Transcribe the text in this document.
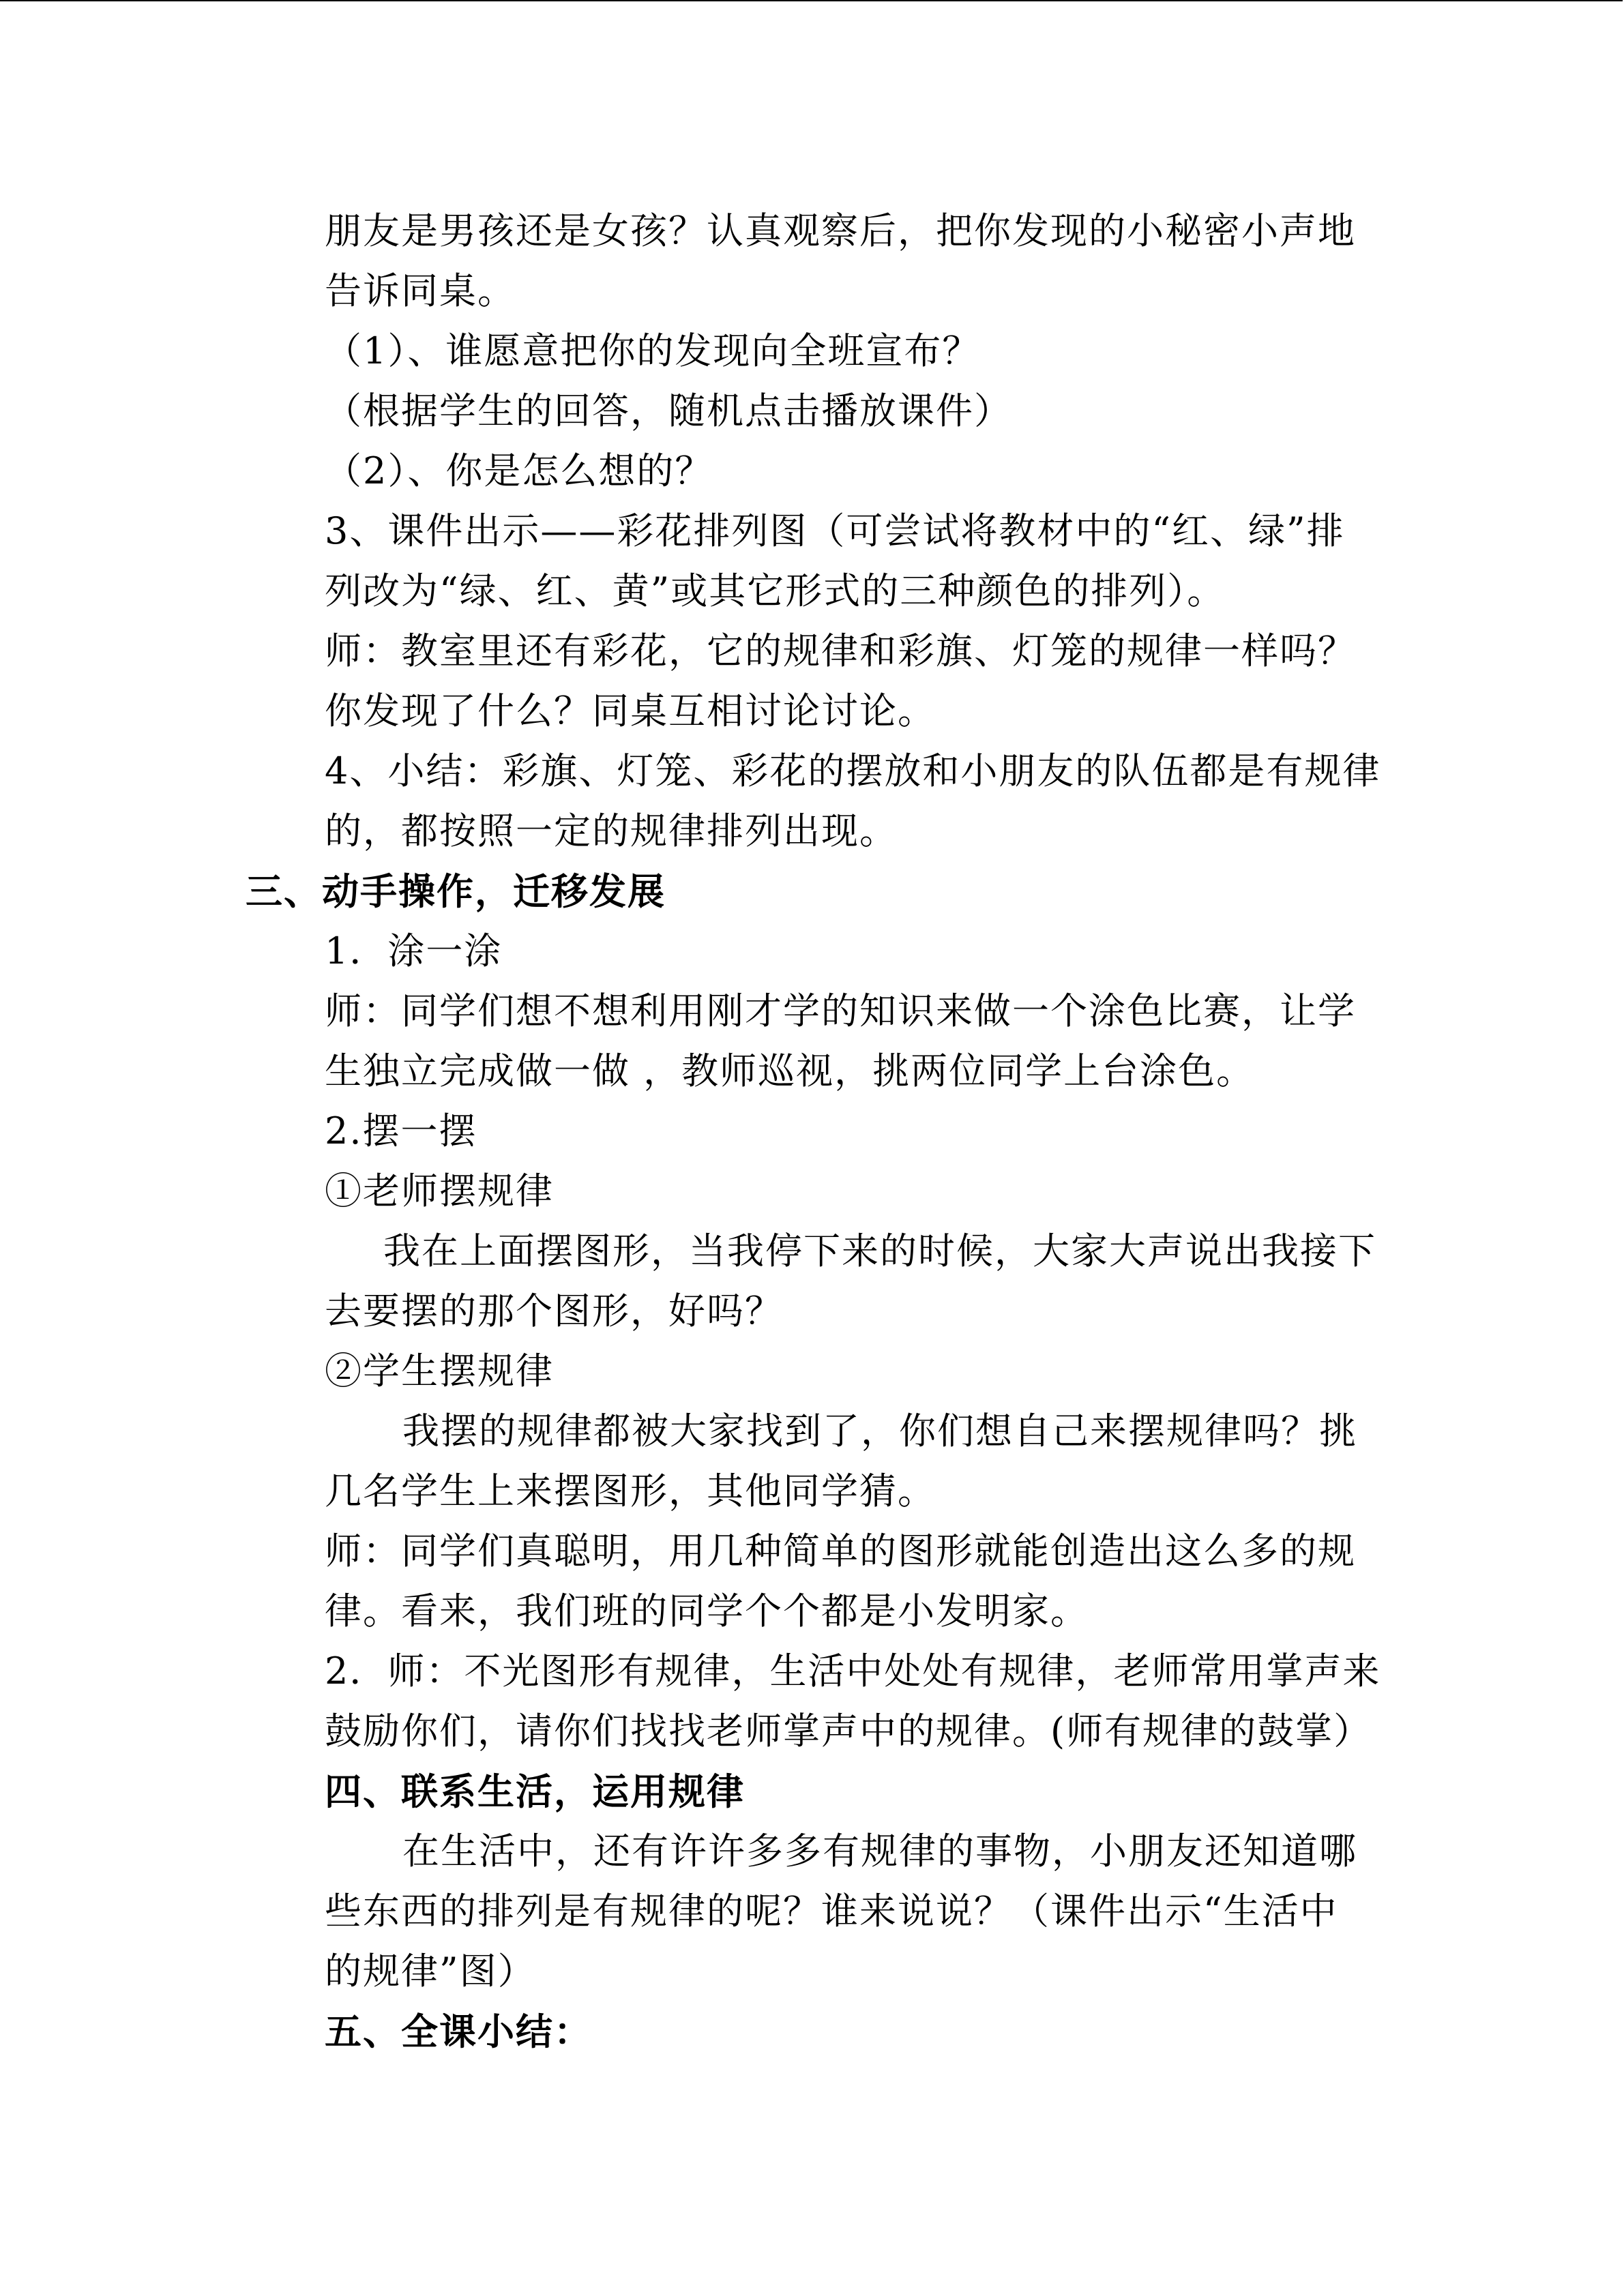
朋友是男孩还是女孩？认真观察后，把你发现的小秘密小声地
告诉同桌。
（1）、谁愿意把你的发现向全班宣布？
（根据学生的回答，随机点击播放课件）
（2）、你是怎么想的？
3、课件出示——彩花排列图（可尝试将教材中的“红、绿”排
列改为“绿、红、黄”或其它形式的三种颜色的排列）。
师：教室里还有彩花，它的规律和彩旗、灯笼的规律一样吗？
你发现了什么？同桌互相讨论讨论。
4、小结：彩旗、灯笼、彩花的摆放和小朋友的队伍都是有规律
的，都按照一定的规律排列出现。
三、动手操作，迁移发展
1．涂一涂
师：同学们想不想利用刚才学的知识来做一个涂色比赛，让学
生独立完成做一做 ，教师巡视，挑两位同学上台涂色。
2.摆一摆
①老师摆规律
我在上面摆图形，当我停下来的时候，大家大声说出我接下
去要摆的那个图形，好吗？
②学生摆规律
我摆的规律都被大家找到了，你们想自己来摆规律吗？挑
几名学生上来摆图形，其他同学猜。
师：同学们真聪明，用几种简单的图形就能创造出这么多的规
律。看来，我们班的同学个个都是小发明家。
2．师：不光图形有规律，生活中处处有规律，老师常用掌声来
鼓励你们，请你们找找老师掌声中的规律。(师有规律的鼓掌）
四、联系生活，运用规律
在生活中，还有许许多多有规律的事物，小朋友还知道哪
些东西的排列是有规律的呢？谁来说说？（课件出示“生活中
的规律”图）
五、全课小结：
